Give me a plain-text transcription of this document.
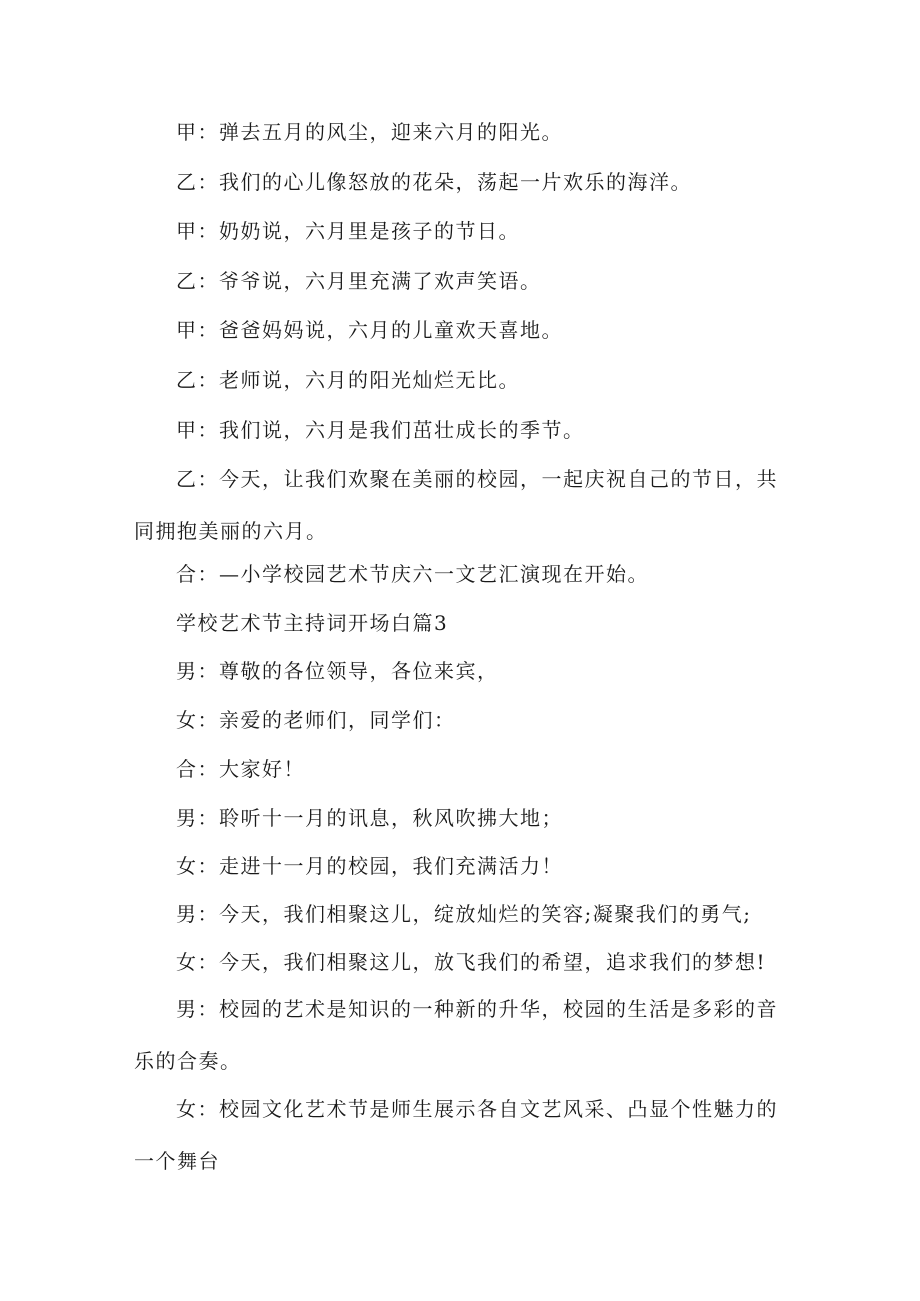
甲：弹去五月的风尘，迎来六月的阳光。

乙：我们的心儿像怒放的花朵，荡起一片欢乐的海洋。

甲：奶奶说，六月里是孩子的节日。

乙：爷爷说，六月里充满了欢声笑语。

甲：爸爸妈妈说，六月的儿童欢天喜地。

乙：老师说，六月的阳光灿烂无比。

甲：我们说，六月是我们茁壮成长的季节。

乙：今天，让我们欢聚在美丽的校园，一起庆祝自己的节日，共同拥抱美丽的六月。

合：—小学校园艺术节庆六一文艺汇演现在开始。

学校艺术节主持词开场白篇3

男：尊敬的各位领导，各位来宾，

女：亲爱的老师们，同学们：

合：大家好！

男：聆听十一月的讯息，秋风吹拂大地；

女：走进十一月的校园，我们充满活力！

男：今天，我们相聚这儿，绽放灿烂的笑容;凝聚我们的勇气;

女：今天，我们相聚这儿，放飞我们的希望，追求我们的梦想!

男：校园的艺术是知识的一种新的升华，校园的生活是多彩的音乐的合奏。

女：校园文化艺术节是师生展示各自文艺风采、凸显个性魅力的一个舞台
